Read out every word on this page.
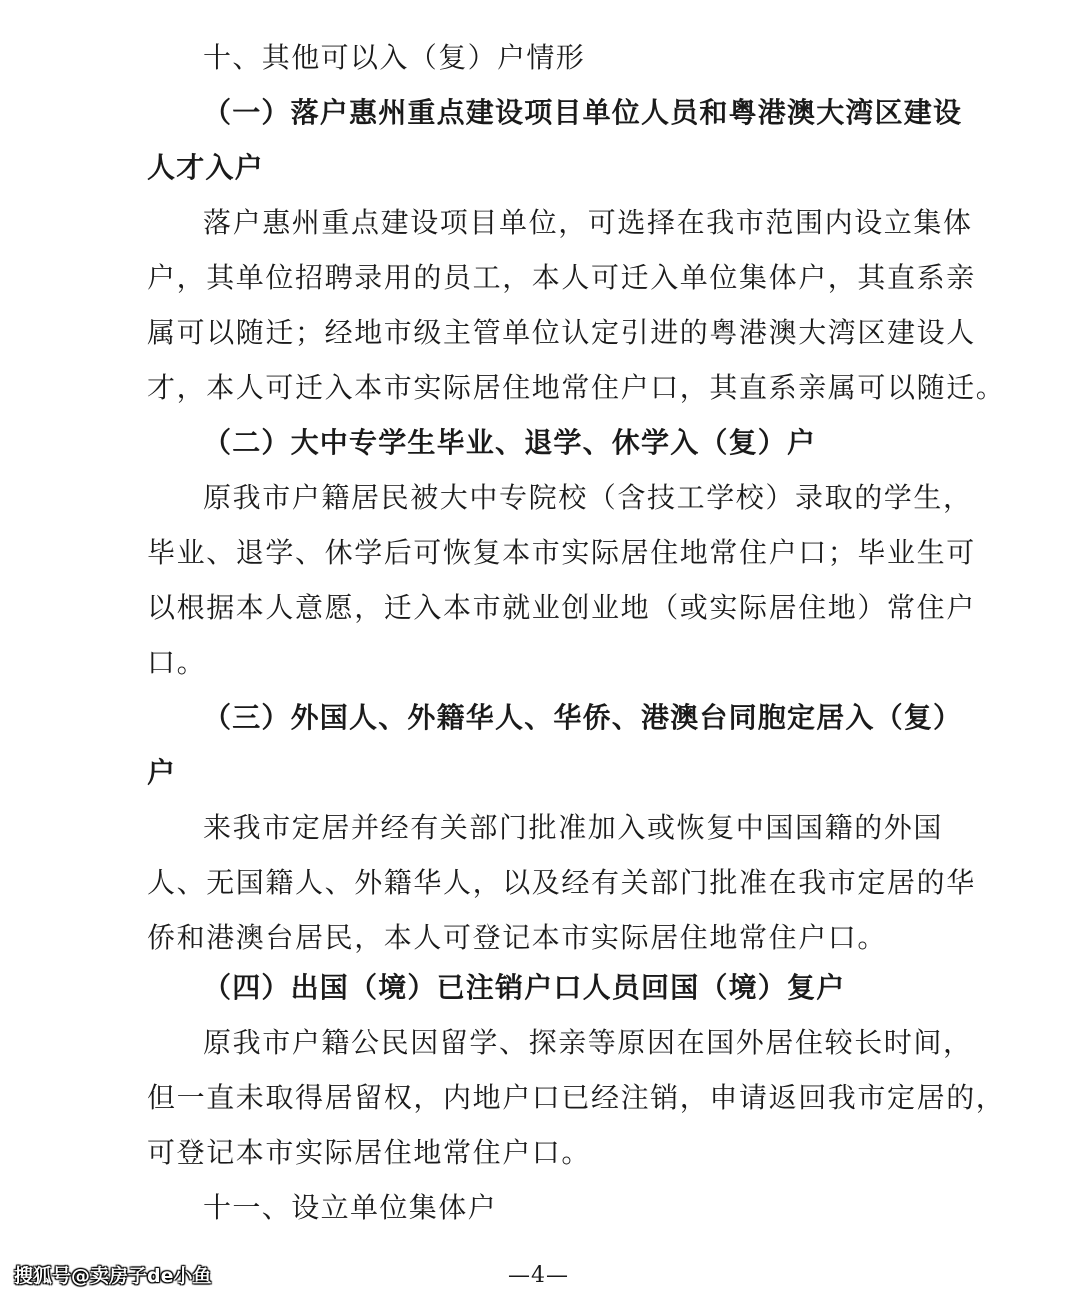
十、其他可以入（复）户情形

（一）落户惠州重点建设项目单位人员和粤港澳大湾区建设

人才入户

落户惠州重点建设项目单位，可选择在我市范围内设立集体

户，其单位招聘录用的员工，本人可迁入单位集体户，其直系亲

属可以随迁；经地市级主管单位认定引进的粤港澳大湾区建设人

才，本人可迁入本市实际居住地常住户口，其直系亲属可以随迁。

（二）大中专学生毕业、退学、休学入（复）户

原我市户籍居民被大中专院校（含技工学校）录取的学生，

毕业、退学、休学后可恢复本市实际居住地常住户口；毕业生可

以根据本人意愿，迁入本市就业创业地（或实际居住地）常住户

口。

（三）外国人、外籍华人、华侨、港澳台同胞定居入（复）

户

来我市定居并经有关部门批准加入或恢复中国国籍的外国

人、无国籍人、外籍华人，以及经有关部门批准在我市定居的华

侨和港澳台居民，本人可登记本市实际居住地常住户口。

（四）出国（境）已注销户口人员回国（境）复户

原我市户籍公民因留学、探亲等原因在国外居住较长时间，

但一直未取得居留权，内地户口已经注销，申请返回我市定居的，

可登记本市实际居住地常住户口。

十一、设立单位集体户

搜狐号@卖房子de小鱼	—4—
